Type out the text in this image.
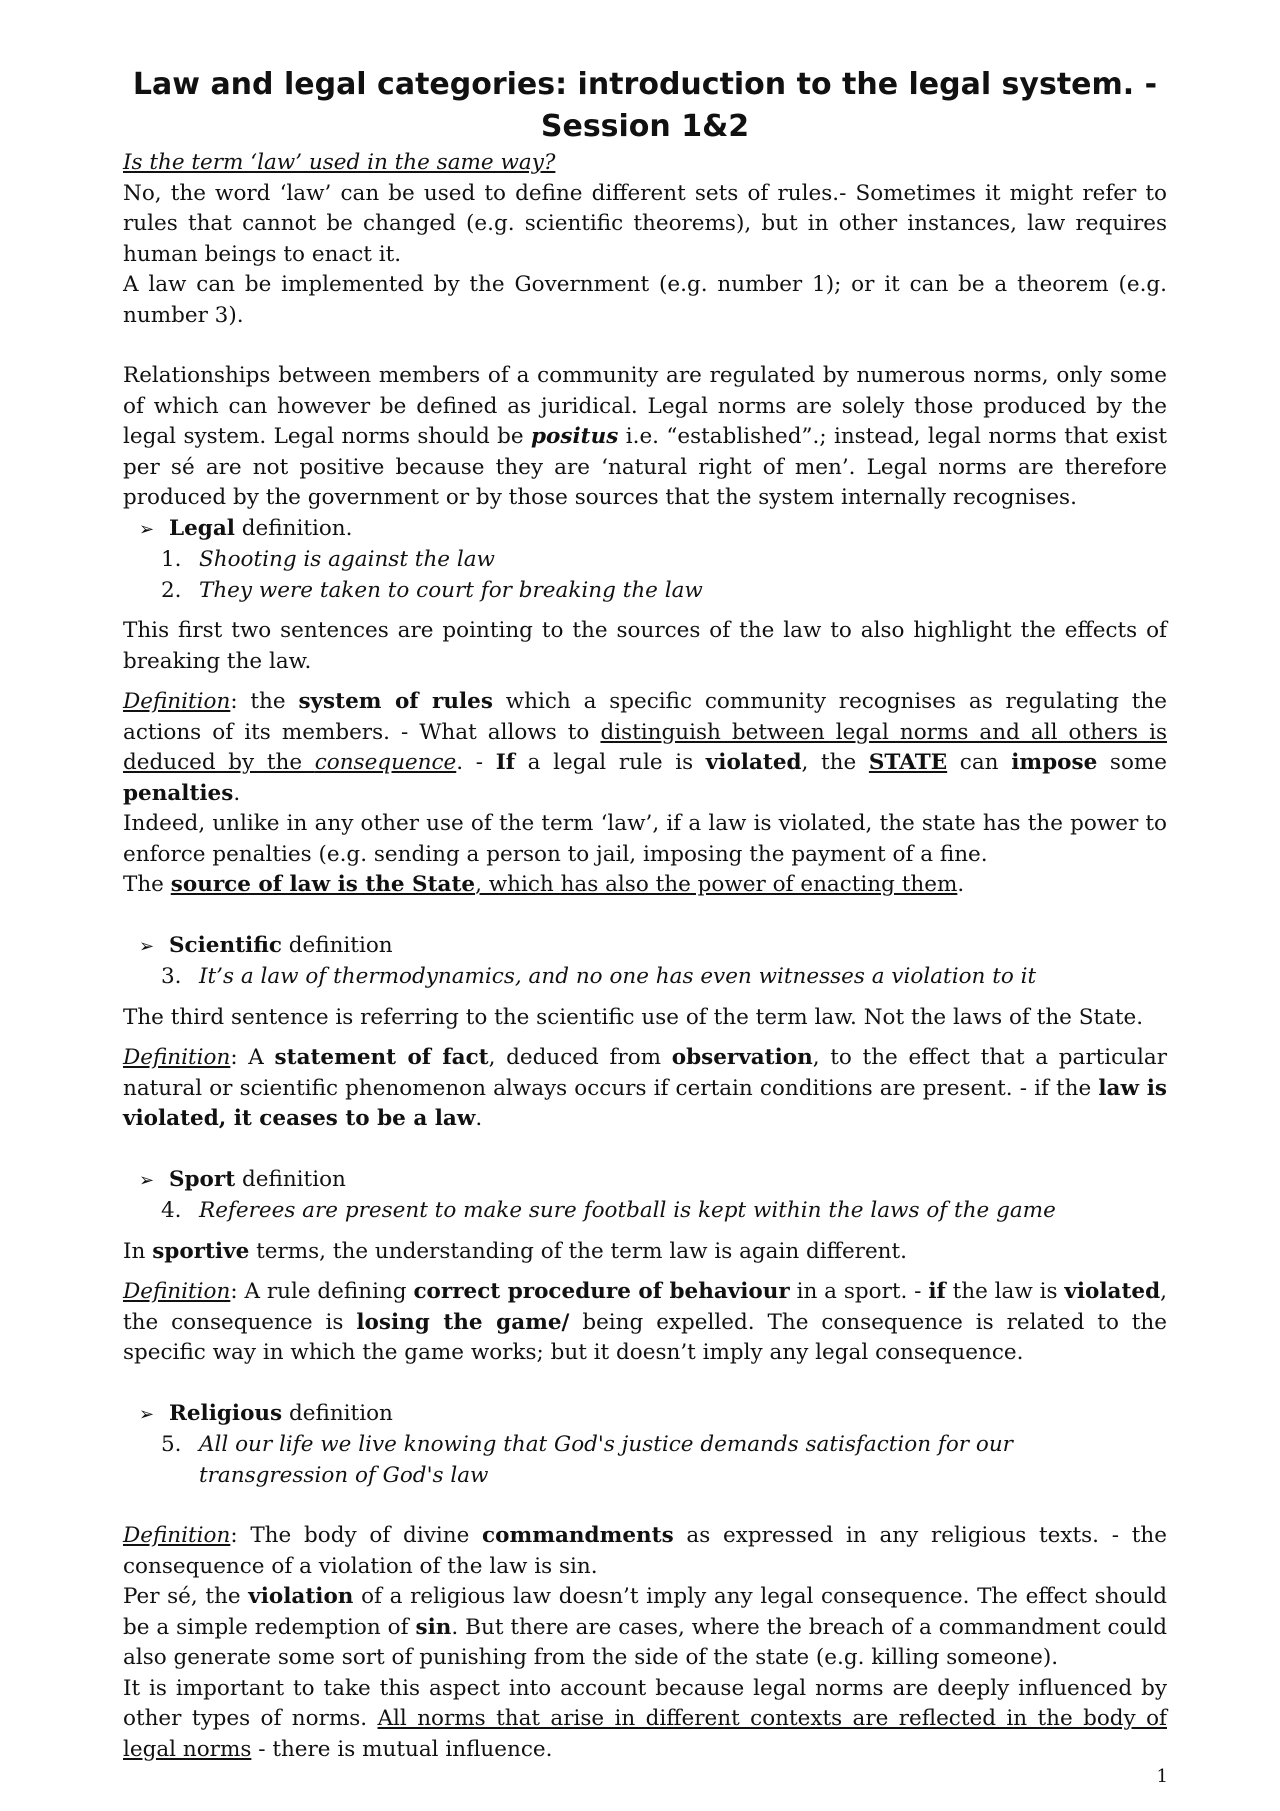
Law and legal categories: introduction to the legal system. - Session 1&2

Is the term ‘law’ used in the same way?

No, the word ‘law’ can be used to define different sets of rules.- Sometimes it might refer to rules that cannot be changed (e.g. scientific theorems), but in other instances, law requires human beings to enact it.

A law can be implemented by the Government (e.g. number 1); or it can be a theorem (e.g. number 3).

Relationships between members of a community are regulated by numerous norms, only some of which can however be defined as juridical. Legal norms are solely those produced by the legal system. Legal norms should be positus i.e. “established”.; instead, legal norms that exist per sé are not positive because they are ‘natural right of men’. Legal norms are therefore produced by the government or by those sources that the system internally recognises.

➢ Legal definition.
1. Shooting is against the law
2. They were taken to court for breaking the law

This first two sentences are pointing to the sources of the law to also highlight the effects of breaking the law.

Definition: the system of rules which a specific community recognises as regulating the actions of its members. - What allows to distinguish between legal norms and all others is deduced by the consequence. - If a legal rule is violated, the STATE can impose some penalties.

Indeed, unlike in any other use of the term ‘law’, if a law is violated, the state has the power to enforce penalties (e.g. sending a person to jail, imposing the payment of a fine.

The source of law is the State, which has also the power of enacting them.

➢ Scientific definition
3. It’s a law of thermodynamics, and no one has even witnesses a violation to it

The third sentence is referring to the scientific use of the term law. Not the laws of the State.

Definition: A statement of fact, deduced from observation, to the effect that a particular natural or scientific phenomenon always occurs if certain conditions are present. - if the law is violated, it ceases to be a law.

➢ Sport definition
4. Referees are present to make sure football is kept within the laws of the game

In sportive terms, the understanding of the term law is again different.

Definition: A rule defining correct procedure of behaviour in a sport. - if the law is violated, the consequence is losing the game/ being expelled. The consequence is related to the specific way in which the game works; but it doesn’t imply any legal consequence.

➢ Religious definition
5. All our life we live knowing that God's justice demands satisfaction for our transgression of God's law

Definition: The body of divine commandments as expressed in any religious texts. - the consequence of a violation of the law is sin.

Per sé, the violation of a religious law doesn’t imply any legal consequence. The effect should be a simple redemption of sin. But there are cases, where the breach of a commandment could also generate some sort of punishing from the side of the state (e.g. killing someone).

It is important to take this aspect into account because legal norms are deeply influenced by other types of norms. All norms that arise in different contexts are reflected in the body of legal norms - there is mutual influence.

1
